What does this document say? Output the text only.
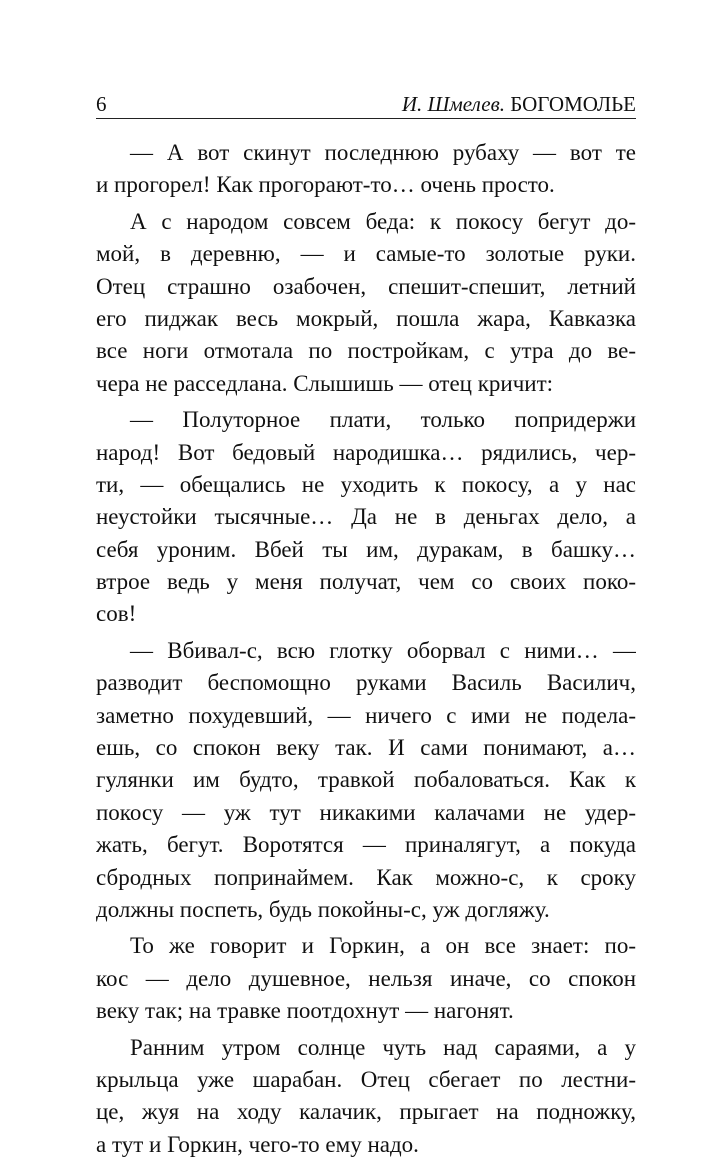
6	И. Шмелев. БОГОМОЛЬЕ
— А вот скинут последнюю рубаху — вот те
и прогорел! Как прогорают-то… очень просто.
А с народом совсем беда: к покосу бегут до-
мой, в деревню, — и самые-то золотые руки.
Отец страшно озабочен, спешит-спешит, летний
его пиджак весь мокрый, пошла жара, Кавказка
все ноги отмотала по постройкам, с утра до ве-
чера не расседлана. Слышишь — отец кричит:
— Полуторное плати, только попридержи
народ! Вот бедовый народишка… рядились, чер-
ти, — обещались не уходить к покосу, а у нас
неустойки тысячные… Да не в деньгах дело, а
себя уроним. Вбей ты им, дуракам, в башку…
втрое ведь у меня получат, чем со своих поко-
сов!
— Вбивал-с, всю глотку оборвал с ними… —
разводит беспомощно руками Василь Василич,
заметно похудевший, — ничего с ими не подела-
ешь, со спокон веку так. И сами понимают, а…
гулянки им будто, травкой побаловаться. Как к
покосу — уж тут никакими калачами не удер-
жать, бегут. Воротятся — приналягут, а покуда
сбродных попринаймем. Как можно-с, к сроку
должны поспеть, будь покойны-с, уж догляжу.
То же говорит и Горкин, а он все знает: по-
кос — дело душевное, нельзя иначе, со спокон
веку так; на травке поотдохнут — нагонят.
Ранним утром солнце чуть над сараями, а у
крыльца уже шарабан. Отец сбегает по лестни-
це, жуя на ходу калачик, прыгает на подножку,
а тут и Горкин, чего-то ему надо.
